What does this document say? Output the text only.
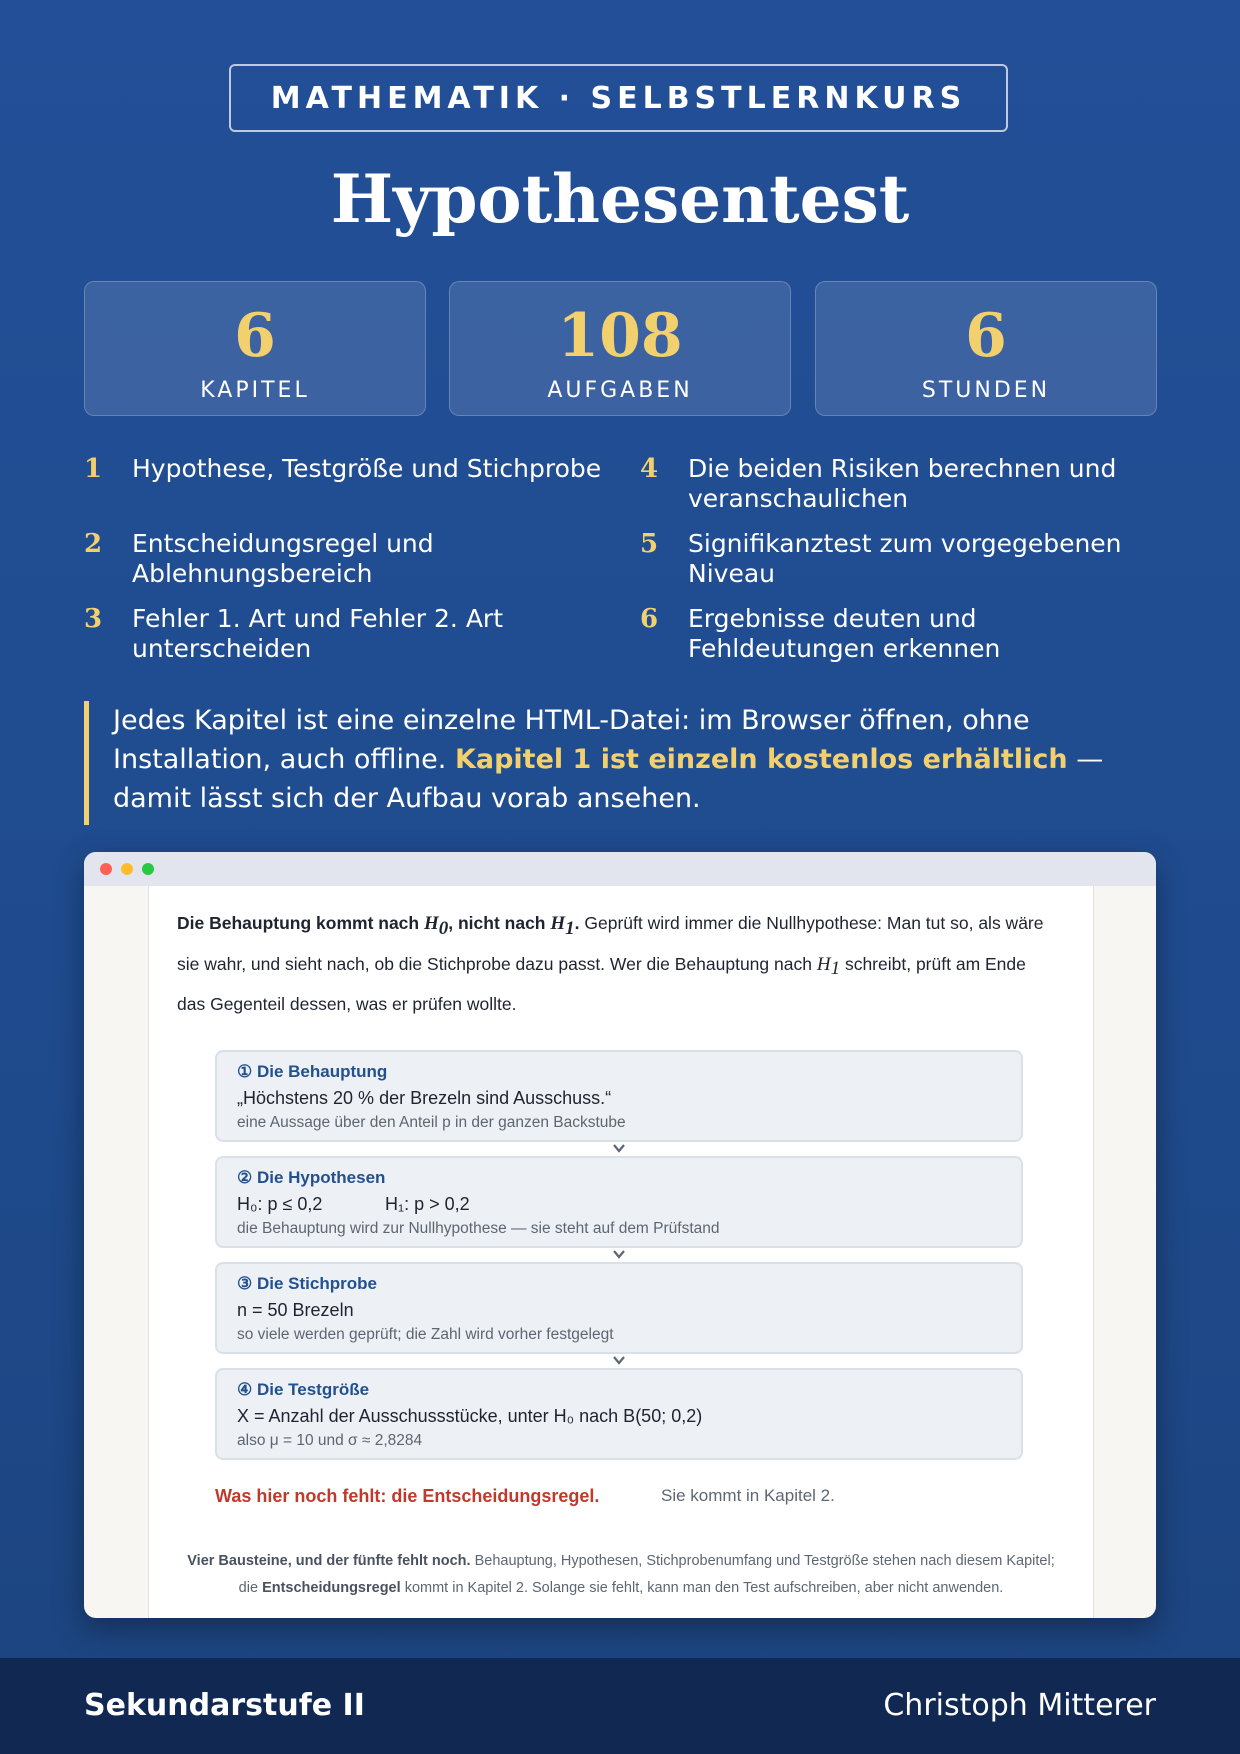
MATHEMATIK · SELBSTLERNKURS
Hypothesentest
6
KAPITEL
108
AUFGABEN
6
STUNDEN
1 Hypothese, Testgröße und Stichprobe
2 Entscheidungsregel und Ablehnungsbereich
3 Fehler 1. Art und Fehler 2. Art unterscheiden
4 Die beiden Risiken berechnen und veranschaulichen
5 Signifikanztest zum vorgegebenen Niveau
6 Ergebnisse deuten und Fehldeutungen erkennen
Jedes Kapitel ist eine einzelne HTML-Datei: im Browser öffnen, ohne Installation, auch offline. Kapitel 1 ist einzeln kostenlos erhältlich — damit lässt sich der Aufbau vorab ansehen.
Die Behauptung kommt nach $H_0$, nicht nach $H_1$. Geprüft wird immer die Nullhypothese: Man tut so, als wäre sie wahr, und sieht nach, ob die Stichprobe dazu passt. Wer die Behauptung nach $H_1$ schreibt, prüft am Ende das Gegenteil dessen, was er prüfen wollte.
① Die Behauptung
„Höchstens 20 % der Brezeln sind Ausschuss.“
eine Aussage über den Anteil p in der ganzen Backstube
② Die Hypothesen
H₀: p ≤ 0,2	H₁: p > 0,2
die Behauptung wird zur Nullhypothese — sie steht auf dem Prüfstand
③ Die Stichprobe
n = 50 Brezeln
so viele werden geprüft; die Zahl wird vorher festgelegt
④ Die Testgröße
X = Anzahl der Ausschussstücke, unter H₀ nach B(50; 0,2)
also μ = 10 und σ ≈ 2,8284
Was hier noch fehlt: die Entscheidungsregel.	Sie kommt in Kapitel 2.
Vier Bausteine, und der fünfte fehlt noch. Behauptung, Hypothesen, Stichprobenumfang und Testgröße stehen nach diesem Kapitel; die Entscheidungsregel kommt in Kapitel 2. Solange sie fehlt, kann man den Test aufschreiben, aber nicht anwenden.
Sekundarstufe II	Christoph Mitterer
